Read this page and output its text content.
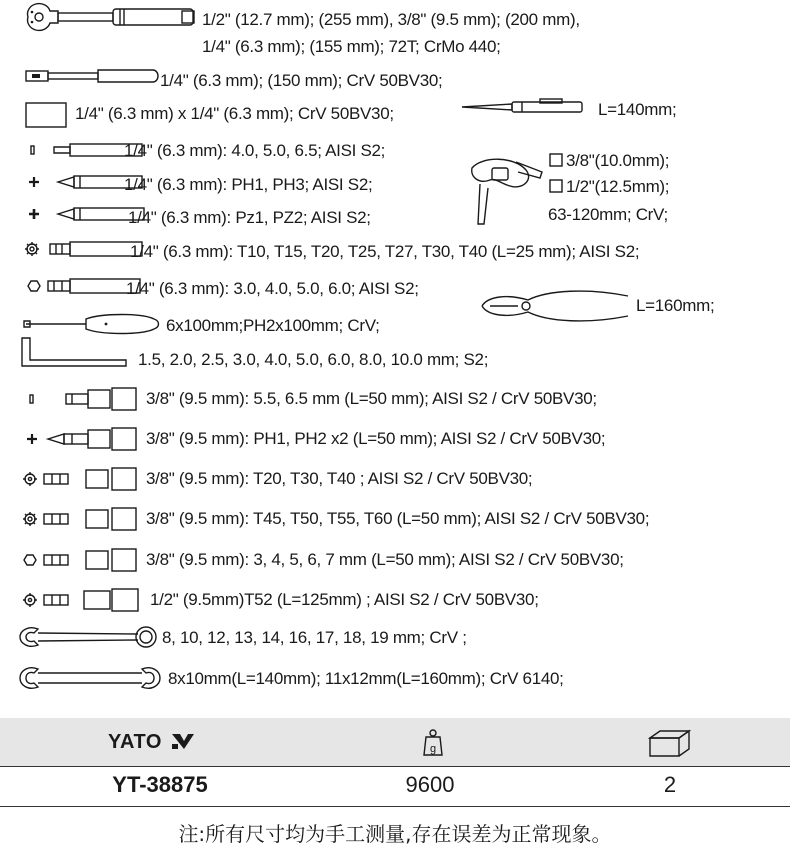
1/2" (12.7 mm); (255 mm), 3/8" (9.5 mm); (200 mm),
1/4" (6.3 mm); (155 mm); 72T; CrMo 440;
1/4" (6.3 mm); (150 mm); CrV 50BV30;
1/4" (6.3 mm) x 1/4" (6.3 mm); CrV 50BV30;	L=140mm;
1/4" (6.3 mm): 4.0, 5.0, 6.5; AISI S2;
1/4" (6.3 mm): PH1, PH3; AISI S2;
1/4" (6.3 mm): Pz1, PZ2; AISI S2;
3/8"(10.0mm);
1/2"(12.5mm);
63-120mm; CrV;
1/4" (6.3 mm): T10, T15, T20, T25, T27, T30, T40 (L=25 mm); AISI S2;
1/4" (6.3 mm): 3.0, 4.0, 5.0, 6.0; AISI S2;
L=160mm;
6x100mm;PH2x100mm; CrV;
1.5, 2.0, 2.5, 3.0, 4.0, 5.0, 6.0, 8.0, 10.0 mm; S2;
3/8" (9.5 mm): 5.5, 6.5 mm (L=50 mm); AISI S2 / CrV 50BV30;
3/8" (9.5 mm): PH1, PH2 x2 (L=50 mm); AISI S2 / CrV 50BV30;
3/8" (9.5 mm): T20, T30, T40 ; AISI S2 / CrV 50BV30;
3/8" (9.5 mm): T45, T50, T55, T60 (L=50 mm); AISI S2 / CrV 50BV30;
3/8" (9.5 mm): 3, 4, 5, 6, 7 mm (L=50 mm); AISI S2 / CrV 50BV30;
1/2" (9.5mm)T52 (L=125mm) ; AISI S2 / CrV 50BV30;
8, 10, 12, 13, 14, 16, 17, 18, 19 mm; CrV ;
8x10mm(L=140mm); 11x12mm(L=160mm); CrV 6140;
YATO	g
YT-38875	9600	2
注:所有尺寸均为手工测量,存在误差为正常现象。
